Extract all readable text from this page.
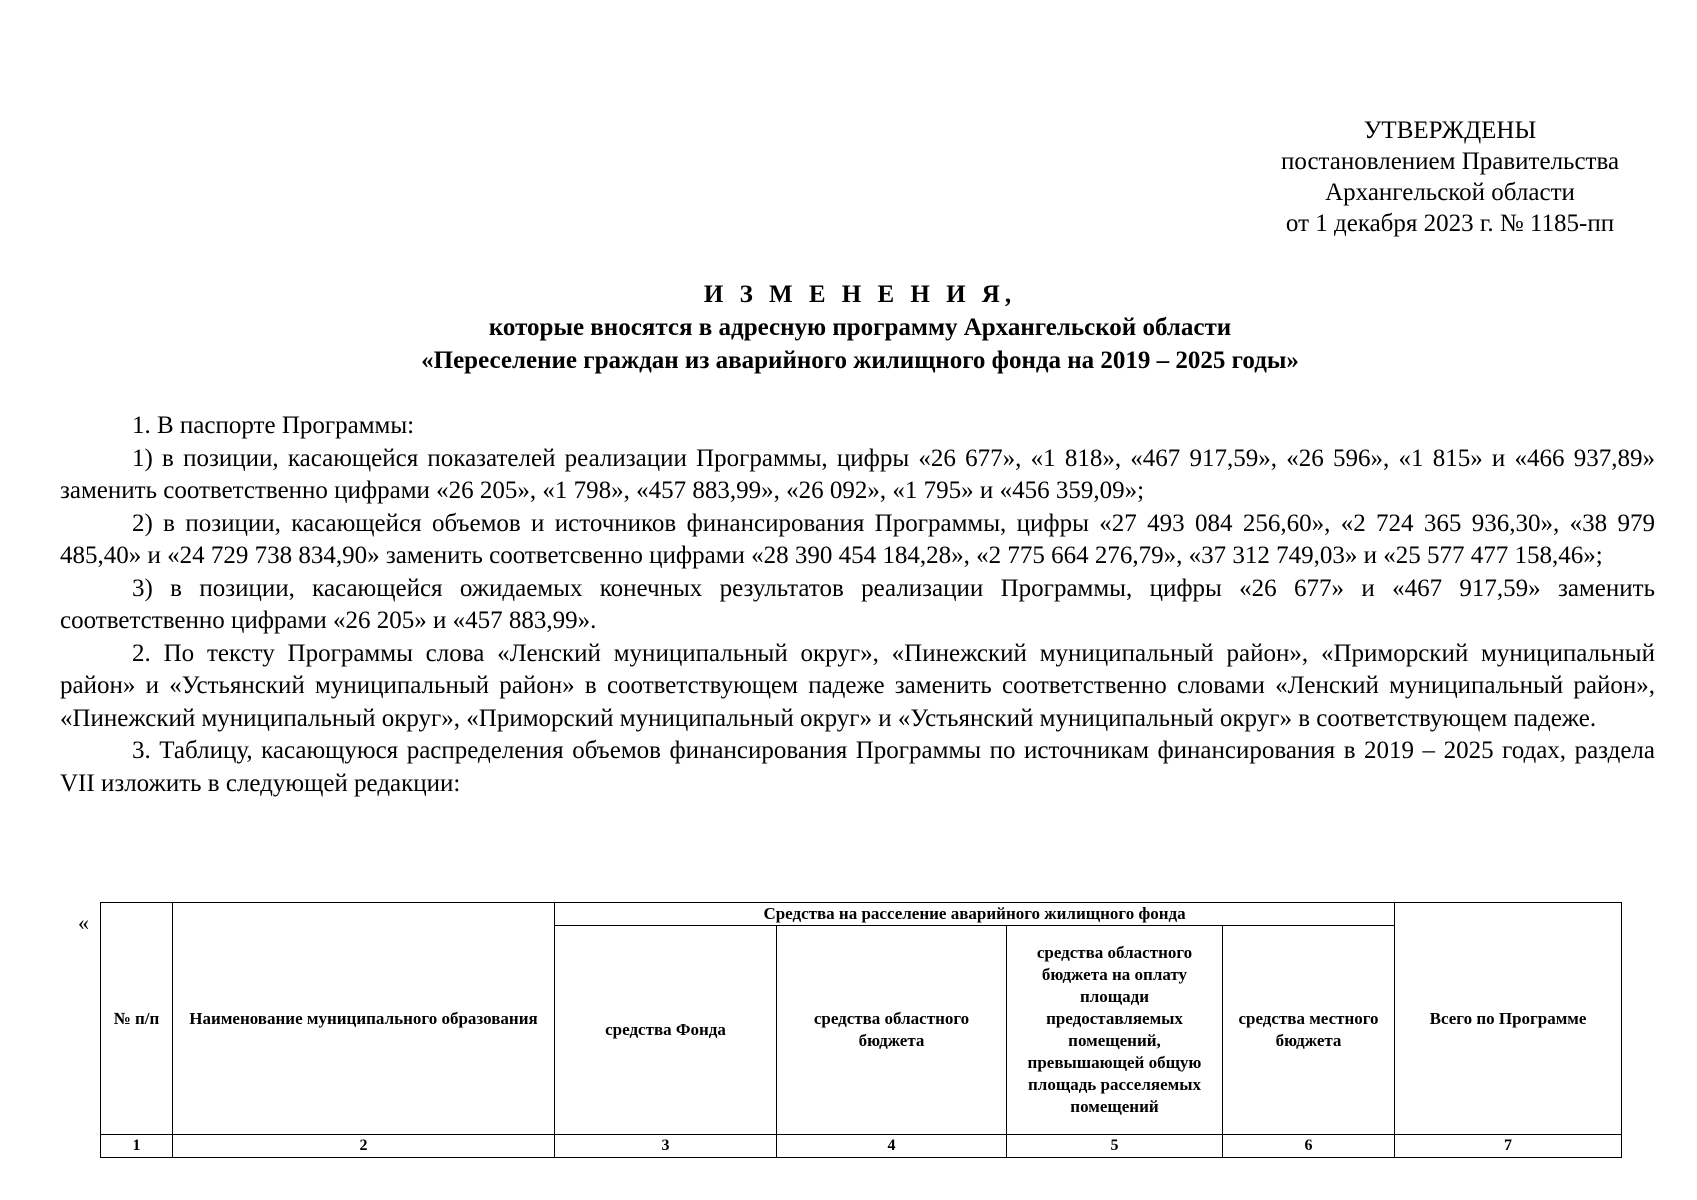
УТВЕРЖДЕНЫ
постановлением Правительства
Архангельской области
от 1 декабря 2023 г. № 1185-пп
И З М Е Н Е Н И Я,
которые вносятся в адресную программу Архангельской области
«Переселение граждан из аварийного жилищного фонда на 2019 – 2025 годы»

1. В паспорте Программы:

1) в позиции, касающейся показателей реализации Программы, цифры «26 677», «1 818», «467 917,59», «26 596», «1 815» и «466 937,89» заменить соответственно цифрами «26 205», «1 798», «457 883,99», «26 092», «1 795» и «456 359,09»;

2) в позиции, касающейся объемов и источников финансирования Программы, цифры «27 493 084 256,60», «2 724 365 936,30», «38 979 485,40» и «24 729 738 834,90» заменить соответсвенно цифрами «28 390 454 184,28», «2 775 664 276,79», «37 312 749,03» и «25 577 477 158,46»;

3) в позиции, касающейся ожидаемых конечных результатов реализации Программы, цифры «26 677» и «467 917,59» заменить соответственно цифрами «26 205» и «457 883,99».

2. По тексту Программы слова «Ленский муниципальный округ», «Пинежский муниципальный район», «Приморский муниципальный район» и «Устьянский муниципальный район» в соответствующем падеже заменить соответственно словами «Ленский муниципальный район», «Пинежский муниципальный округ», «Приморский муниципальный округ» и «Устьянский муниципальный округ» в соответствующем падеже.

3. Таблицу, касающуюся распределения объемов финансирования Программы по источникам финансирования в 2019 – 2025 годах, раздела VII изложить в следующей редакции:

«
№ п/п	Наименование муниципального образования	Средства на расселение аварийного жилищного фонда				Всего по Программе
		средства Фонда	средства областного бюджета	средства областного бюджета на оплату площади предоставляемых помещений, превышающей общую площадь расселяемых помещений	средства местного бюджета	
1	2	3	4	5	6	7
